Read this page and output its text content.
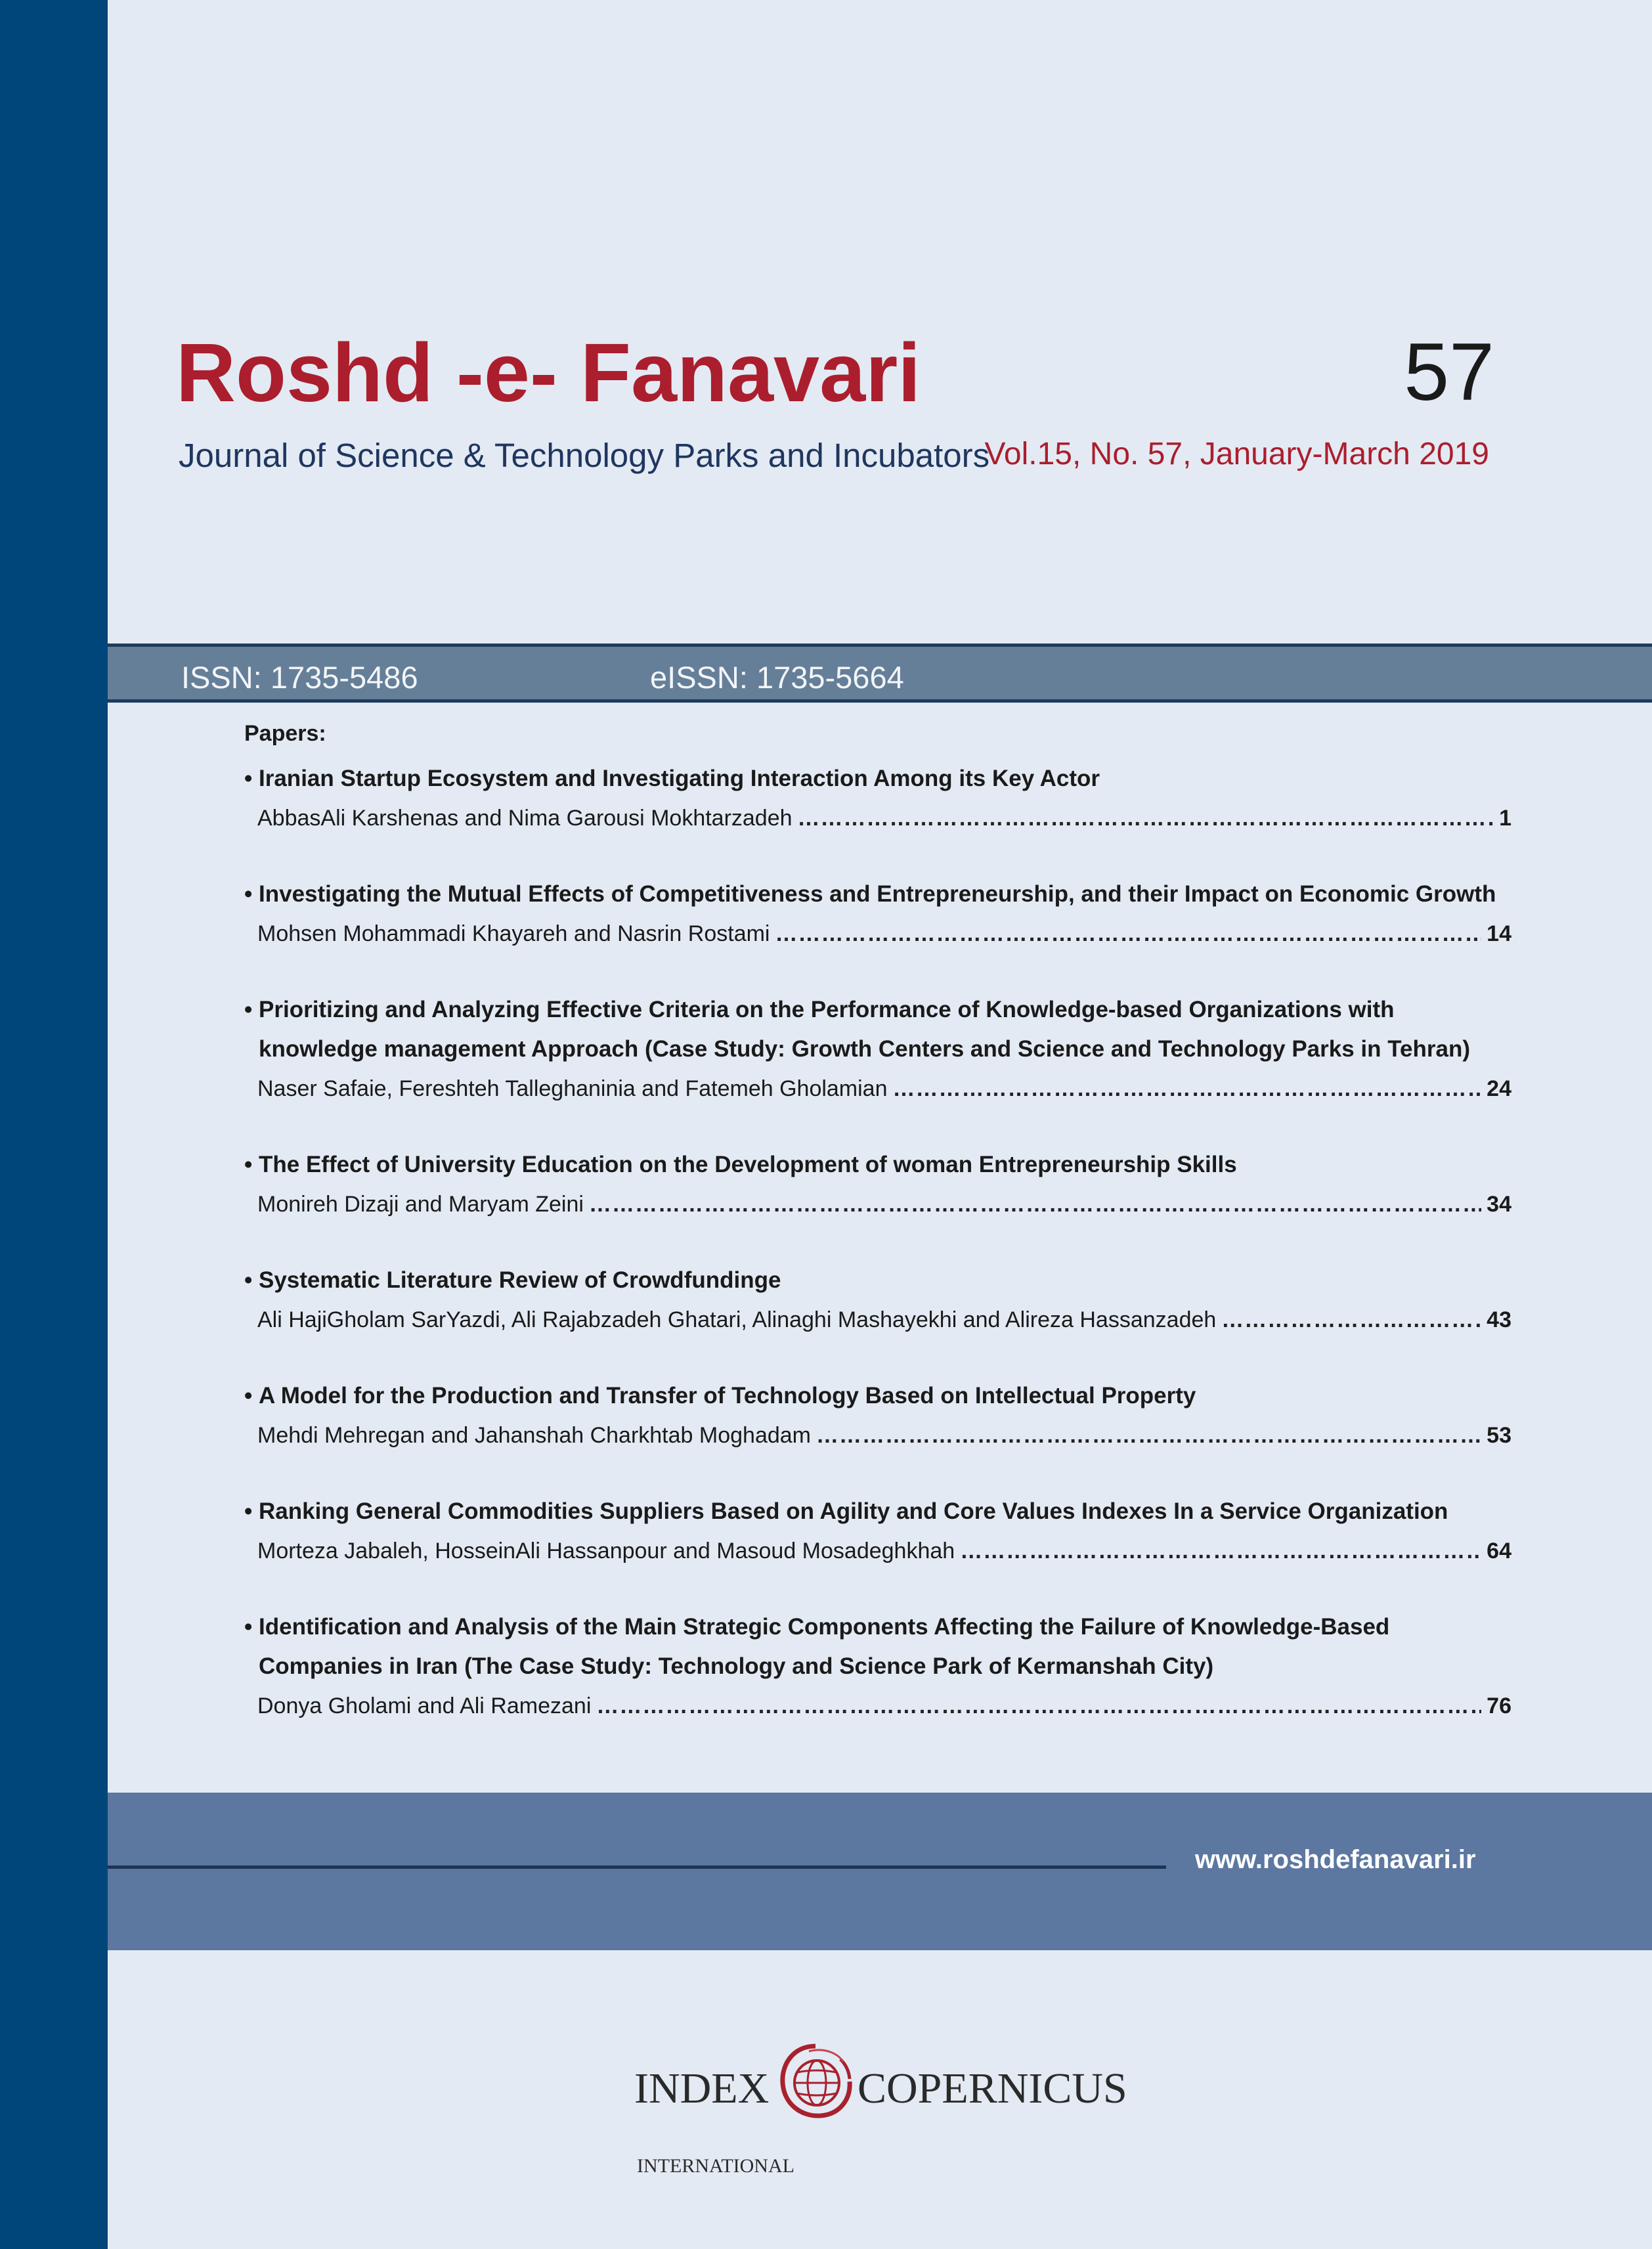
Roshd -e- Fanavari
Journal of Science & Technology Parks and Incubators
57
Vol.15, No. 57, January-March 2019
ISSN: 1735-5486	eISSN: 1735-5664
Papers:
• Iranian Startup Ecosystem and Investigating Interaction Among its Key Actor
AbbasAli Karshenas and Nima Garousi Mokhtarzadeh ……………………………………………………………………………………………………………………………………………………………………………………………………………………………………………………	1
• Investigating the Mutual Effects of Competitiveness and Entrepreneurship, and their Impact on Economic Growth
Mohsen Mohammadi Khayareh and Nasrin Rostami ……………………………………………………………………………………………………………………………………………………………………………………………………………………………………………………	14
• Prioritizing and Analyzing Effective Criteria on the Performance of Knowledge-based Organizations with knowledge management Approach (Case Study: Growth Centers and Science and Technology Parks in Tehran)
Naser Safaie, Fereshteh Talleghaninia and Fatemeh Gholamian ……………………………………………………………………………………………………………………………………………………………………………………………………………………………………………………	24
• The Effect of University Education on the Development of woman Entrepreneurship Skills
Monireh Dizaji and Maryam Zeini ……………………………………………………………………………………………………………………………………………………………………………………………………………………………………………………	34
• Systematic Literature Review of Crowdfundinge
Ali HajiGholam SarYazdi, Ali Rajabzadeh Ghatari, Alinaghi Mashayekhi and Alireza Hassanzadeh ……………………………………………………………………………………………………………………………………………………………………………………………………………………………………………………	43
• A Model for the Production and Transfer of Technology Based on Intellectual Property
Mehdi Mehregan and Jahanshah Charkhtab Moghadam ……………………………………………………………………………………………………………………………………………………………………………………………………………………………………………………	53
• Ranking General Commodities Suppliers Based on Agility and Core Values Indexes In a Service Organization
Morteza Jabaleh, HosseinAli Hassanpour and Masoud Mosadeghkhah ……………………………………………………………………………………………………………………………………………………………………………………………………………………………………………………	64
• Identification and Analysis of the Main Strategic Components Affecting the Failure of Knowledge-Based Companies in Iran (The Case Study: Technology and Science Park of Kermanshah City)
Donya Gholami and Ali Ramezani ……………………………………………………………………………………………………………………………………………………………………………………………………………………………………………………	76
www.roshdefanavari.ir
INDEX COPERNICUS
INTERNATIONAL
